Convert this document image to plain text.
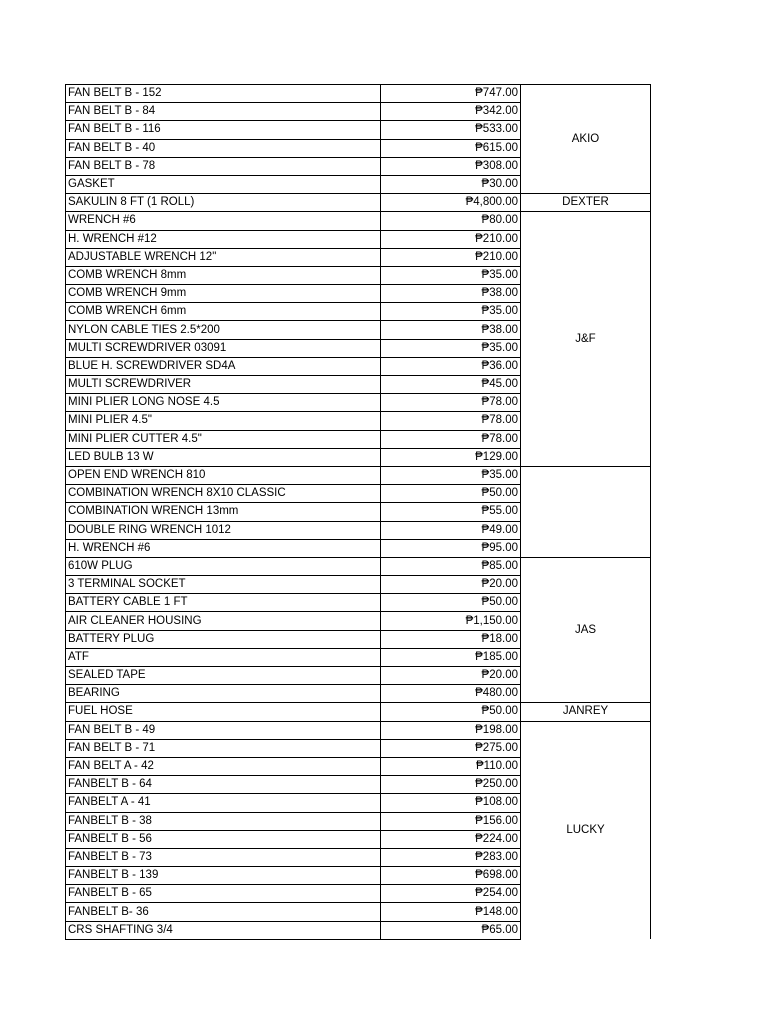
FAN BELT B - 152	₱747.00	AKIO
FAN BELT B - 84	₱342.00	
FAN BELT B - 116	₱533.00	
FAN BELT B - 40	₱615.00	
FAN BELT B - 78	₱308.00	
GASKET	₱30.00	
SAKULIN 8 FT (1 ROLL)	₱4,800.00	DEXTER
WRENCH #6	₱80.00	J&F
H. WRENCH #12	₱210.00	
ADJUSTABLE WRENCH 12"	₱210.00	
COMB WRENCH 8mm	₱35.00	
COMB WRENCH 9mm	₱38.00	
COMB WRENCH 6mm	₱35.00	
NYLON CABLE TIES 2.5*200	₱38.00	
MULTI SCREWDRIVER 03091	₱35.00	
BLUE H. SCREWDRIVER SD4A	₱36.00	
MULTI SCREWDRIVER	₱45.00	
MINI PLIER LONG NOSE 4.5	₱78.00	
MINI PLIER 4.5"	₱78.00	
MINI PLIER CUTTER 4.5"	₱78.00	
LED BULB 13 W	₱129.00	
OPEN END WRENCH 810	₱35.00	
COMBINATION WRENCH 8X10 CLASSIC	₱50.00	
COMBINATION WRENCH 13mm	₱55.00	
DOUBLE RING WRENCH 1012	₱49.00	
H. WRENCH #6	₱95.00	
610W PLUG	₱85.00	JAS
3 TERMINAL SOCKET	₱20.00	
BATTERY CABLE 1 FT	₱50.00	
AIR CLEANER HOUSING	₱1,150.00	
BATTERY PLUG	₱18.00	
ATF	₱185.00	
SEALED TAPE	₱20.00	
BEARING	₱480.00	
FUEL HOSE	₱50.00	JANREY
FAN BELT B - 49	₱198.00	LUCKY
FAN BELT B - 71	₱275.00	
FAN BELT A - 42	₱110.00	
FANBELT B - 64	₱250.00	
FANBELT A - 41	₱108.00	
FANBELT B - 38	₱156.00	
FANBELT B - 56	₱224.00	
FANBELT B - 73	₱283.00	
FANBELT B - 139	₱698.00	
FANBELT B - 65	₱254.00	
FANBELT B- 36	₱148.00	
CRS SHAFTING 3/4	₱65.00	
